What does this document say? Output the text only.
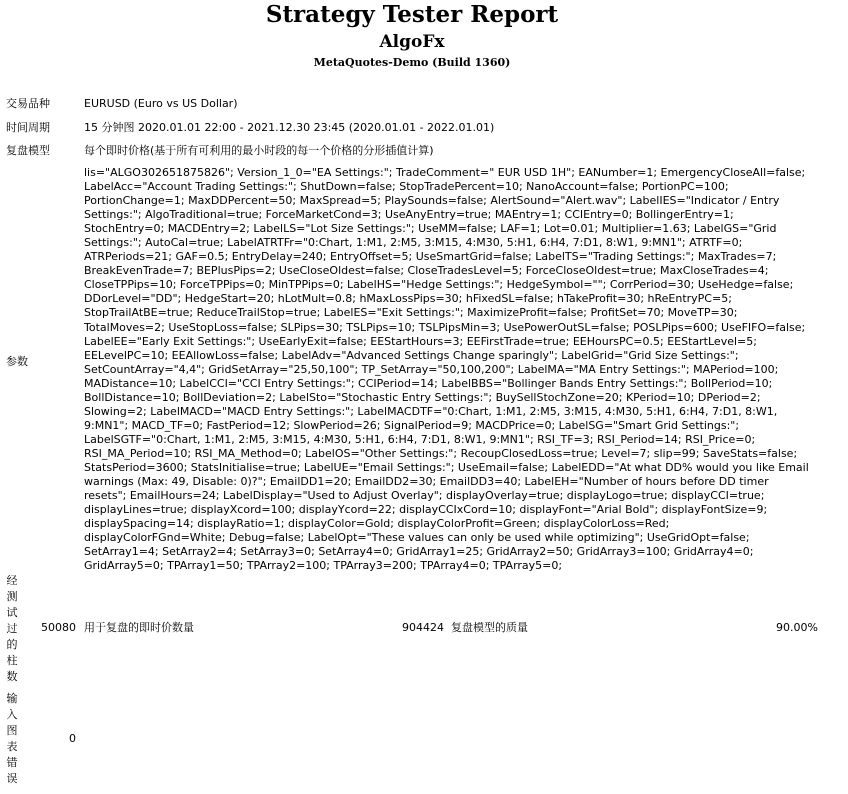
Strategy Tester Report
AlgoFx
MetaQuotes-Demo (Build 1360)
交易品种	EURUSD (Euro vs US Dollar)
时间周期	15 分钟图 2020.01.01 22:00 - 2021.12.30 23:45 (2020.01.01 - 2022.01.01)
复盘模型	每个即时价格(基于所有可利用的最小时段的每一个价格的分形插值计算)
参数
lis="ALGO302651875826"; Version_1_0="EA Settings:"; TradeComment=" EUR USD 1H"; EANumber=1; EmergencyCloseAll=false; LabelAcc="Account Trading Settings:"; ShutDown=false; StopTradePercent=10; NanoAccount=false; PortionPC=100; PortionChange=1; MaxDDPercent=50; MaxSpread=5; PlaySounds=false; AlertSound="Alert.wav"; LabelIES="Indicator / Entry Settings:"; AlgoTraditional=true; ForceMarketCond=3; UseAnyEntry=true; MAEntry=1; CCIEntry=0; BollingerEntry=1; StochEntry=0; MACDEntry=2; LabelLS="Lot Size Settings:"; UseMM=false; LAF=1; Lot=0.01; Multiplier=1.63; LabelGS="Grid Settings:"; AutoCal=true; LabelATRTFr="0:Chart, 1:M1, 2:M5, 3:M15, 4:M30, 5:H1, 6:H4, 7:D1, 8:W1, 9:MN1"; ATRTF=0; ATRPeriods=21; GAF=0.5; EntryDelay=240; EntryOffset=5; UseSmartGrid=false; LabelTS="Trading Settings:"; MaxTrades=7; BreakEvenTrade=7; BEPlusPips=2; UseCloseOldest=false; CloseTradesLevel=5; ForceCloseOldest=true; MaxCloseTrades=4; CloseTPPips=10; ForceTPPips=0; MinTPPips=0; LabelHS="Hedge Settings:"; HedgeSymbol=""; CorrPeriod=30; UseHedge=false; DDorLevel="DD"; HedgeStart=20; hLotMult=0.8; hMaxLossPips=30; hFixedSL=false; hTakeProfit=30; hReEntryPC=5; StopTrailAtBE=true; ReduceTrailStop=true; LabelES="Exit Settings:"; MaximizeProfit=false; ProfitSet=70; MoveTP=30; TotalMoves=2; UseStopLoss=false; SLPips=30; TSLPips=10; TSLPipsMin=3; UsePowerOutSL=false; POSLPips=600; UseFIFO=false; LabelEE="Early Exit Settings:"; UseEarlyExit=false; EEStartHours=3; EEFirstTrade=true; EEHoursPC=0.5; EEStartLevel=5; EELevelPC=10; EEAllowLoss=false; LabelAdv="Advanced Settings Change sparingly"; LabelGrid="Grid Size Settings:"; SetCountArray="4,4"; GridSetArray="25,50,100"; TP_SetArray="50,100,200"; LabelMA="MA Entry Settings:"; MAPeriod=100; MADistance=10; LabelCCI="CCI Entry Settings:"; CCIPeriod=14; LabelBBS="Bollinger Bands Entry Settings:"; BollPeriod=10; BollDistance=10; BollDeviation=2; LabelSto="Stochastic Entry Settings:"; BuySellStochZone=20; KPeriod=10; DPeriod=2; Slowing=2; LabelMACD="MACD Entry Settings:"; LabelMACDTF="0:Chart, 1:M1, 2:M5, 3:M15, 4:M30, 5:H1, 6:H4, 7:D1, 8:W1, 9:MN1"; MACD_TF=0; FastPeriod=12; SlowPeriod=26; SignalPeriod=9; MACDPrice=0; LabelSG="Smart Grid Settings:"; LabelSGTF="0:Chart, 1:M1, 2:M5, 3:M15, 4:M30, 5:H1, 6:H4, 7:D1, 8:W1, 9:MN1"; RSI_TF=3; RSI_Period=14; RSI_Price=0; RSI_MA_Period=10; RSI_MA_Method=0; LabelOS="Other Settings:"; RecoupClosedLoss=true; Level=7; slip=99; SaveStats=false; StatsPeriod=3600; StatsInitialise=true; LabelUE="Email Settings:"; UseEmail=false; LabelEDD="At what DD% would you like Email warnings (Max: 49, Disable: 0)?"; EmailDD1=20; EmailDD2=30; EmailDD3=40; LabelEH="Number of hours before DD timer resets"; EmailHours=24; LabelDisplay="Used to Adjust Overlay"; displayOverlay=true; displayLogo=true; displayCCI=true; displayLines=true; displayXcord=100; displayYcord=22; displayCCIxCord=10; displayFont="Arial Bold"; displayFontSize=9; displaySpacing=14; displayRatio=1; displayColor=Gold; displayColorProfit=Green; displayColorLoss=Red; displayColorFGnd=White; Debug=false; LabelOpt="These values can only be used while optimizing"; UseGridOpt=false; SetArray1=4; SetArray2=4; SetArray3=0; SetArray4=0; GridArray1=25; GridArray2=50; GridArray3=100; GridArray4=0; GridArray5=0; TPArray1=50; TPArray2=100; TPArray3=200; TPArray4=0; TPArray5=0;
经
测
试
过
的
柱
数
50080 用于复盘的即时价数量	904424 复盘模型的质量	90.00%
输
入
图
表
错
误
0
